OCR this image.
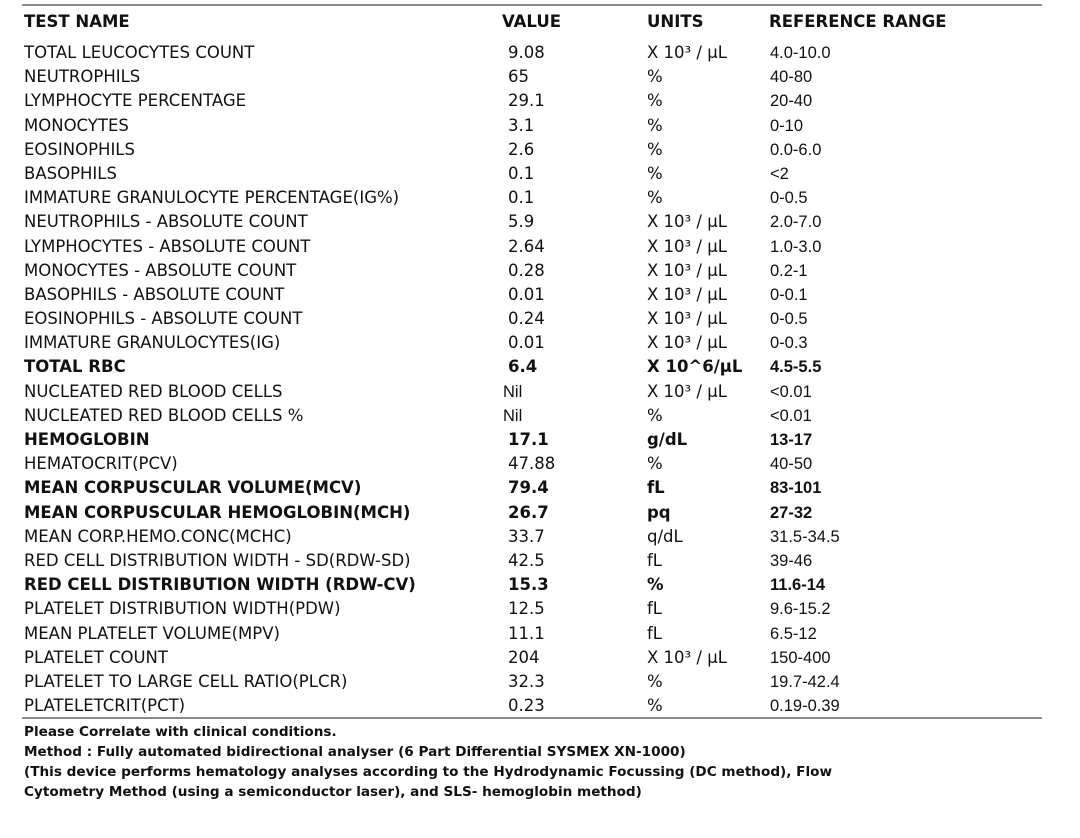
TEST NAME	VALUE	UNITS	REFERENCE RANGE
TOTAL LEUCOCYTES COUNT	9.08	X 10³ / µL	4.0-10.0
NEUTROPHILS	65	%	40-80
LYMPHOCYTE PERCENTAGE	29.1	%	20-40
MONOCYTES	3.1	%	0-10
EOSINOPHILS	2.6	%	0.0-6.0
BASOPHILS	0.1	%	<2
IMMATURE GRANULOCYTE PERCENTAGE(IG%)	0.1	%	0-0.5
NEUTROPHILS - ABSOLUTE COUNT	5.9	X 10³ / µL	2.0-7.0
LYMPHOCYTES - ABSOLUTE COUNT	2.64	X 10³ / µL	1.0-3.0
MONOCYTES - ABSOLUTE COUNT	0.28	X 10³ / µL	0.2-1
BASOPHILS - ABSOLUTE COUNT	0.01	X 10³ / µL	0-0.1
EOSINOPHILS - ABSOLUTE COUNT	0.24	X 10³ / µL	0-0.5
IMMATURE GRANULOCYTES(IG)	0.01	X 10³ / µL	0-0.3
TOTAL RBC	6.4	X 10^6/µL 4.5-5.5
NUCLEATED RED BLOOD CELLS	Nil	X 10³ / µL	<0.01
NUCLEATED RED BLOOD CELLS %	Nil	%	<0.01
HEMOGLOBIN	17.1	g/dL	13-17
HEMATOCRIT(PCV)	47.88	%	40-50
MEAN CORPUSCULAR VOLUME(MCV)	79.4	fL	83-101
MEAN CORPUSCULAR HEMOGLOBIN(MCH)	26.7	pq	27-32
MEAN CORP.HEMO.CONC(MCHC)	33.7	q/dL	31.5-34.5
RED CELL DISTRIBUTION WIDTH - SD(RDW-SD)	42.5	fL	39-46
RED CELL DISTRIBUTION WIDTH (RDW-CV)	15.3	%	11.6-14
PLATELET DISTRIBUTION WIDTH(PDW)	12.5	fL	9.6-15.2
MEAN PLATELET VOLUME(MPV)	11.1	fL	6.5-12
PLATELET COUNT	204	X 10³ / µL	150-400
PLATELET TO LARGE CELL RATIO(PLCR)	32.3	%	19.7-42.4
PLATELETCRIT(PCT)	0.23	%	0.19-0.39
Please Correlate with clinical conditions.
Method : Fully automated bidirectional analyser (6 Part Differential SYSMEX XN-1000)
(This device performs hematology analyses according to the Hydrodynamic Focussing (DC method), Flow
Cytometry Method (using a semiconductor laser), and SLS- hemoglobin method)
